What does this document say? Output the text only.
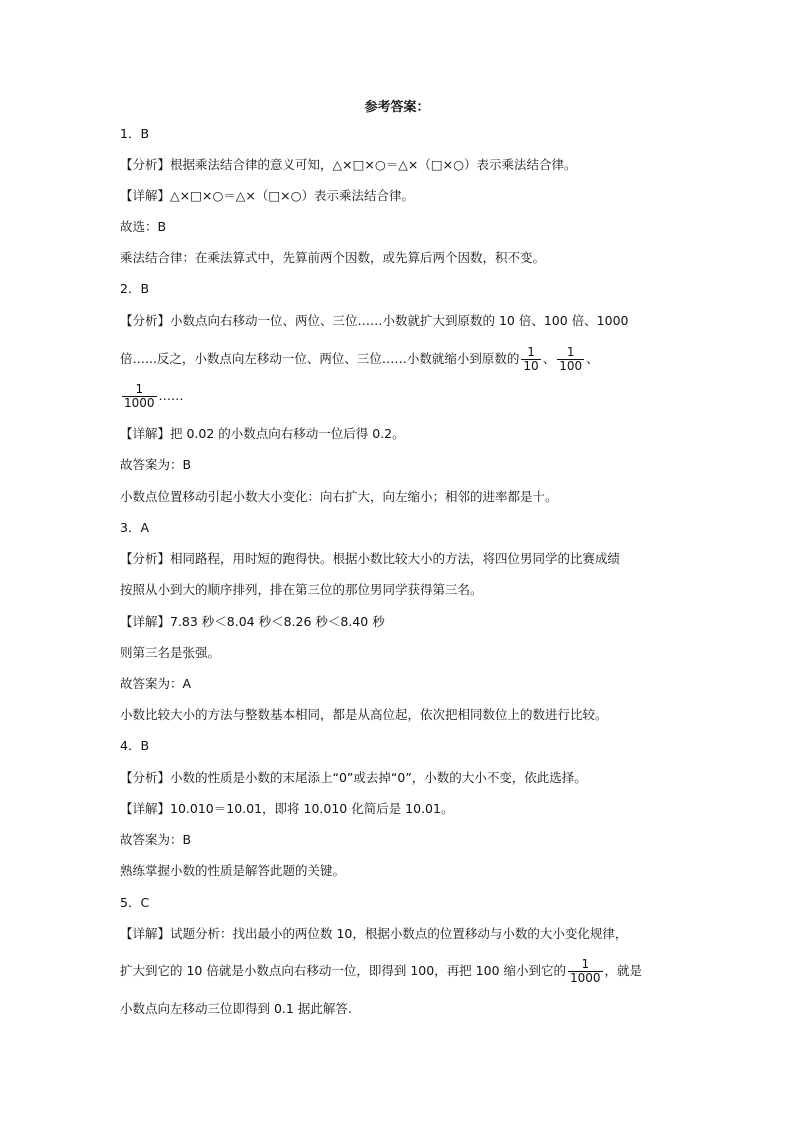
参考答案：
1．B
【分析】根据乘法结合律的意义可知，△×□×○＝△×（□×○）表示乘法结合律。
【详解】△×□×○＝△×（□×○）表示乘法结合律。
故选：B
乘法结合律：在乘法算式中，先算前两个因数，或先算后两个因数，积不变。
2．B
【分析】小数点向右移动一位、两位、三位……小数就扩大到原数的 10 倍、100 倍、1000
倍…...反之，小数点向左移动一位、两位、三位……小数就缩小到原数的 $\frac{1}{10}$ 、 $\frac{1}{100}$ 、
$\frac{1}{1000}$ ……
【详解】把 0.02 的小数点向右移动一位后得 0.2。
故答案为：B
小数点位置移动引起小数大小变化：向右扩大，向左缩小；相邻的进率都是十。
3．A
【分析】相同路程，用时短的跑得快。根据小数比较大小的方法，将四位男同学的比赛成绩
按照从小到大的顺序排列，排在第三位的那位男同学获得第三名。
【详解】7.83 秒＜8.04 秒＜8.26 秒＜8.40 秒
则第三名是张强。
故答案为：A
小数比较大小的方法与整数基本相同，都是从高位起，依次把相同数位上的数进行比较。
4．B
【分析】小数的性质是小数的末尾添上“0”或去掉“0”，小数的大小不变，依此选择。
【详解】10.010＝10.01，即将 10.010 化简后是 10.01。
故答案为：B
熟练掌握小数的性质是解答此题的关键。
5．C
【详解】试题分析：找出最小的两位数 10，根据小数点的位置移动与小数的大小变化规律，
扩大到它的 10 倍就是小数点向右移动一位，即得到 100，再把 100 缩小到它的 $\frac{1}{1000}$ ，就是
小数点向左移动三位即得到 0.1 据此解答.
